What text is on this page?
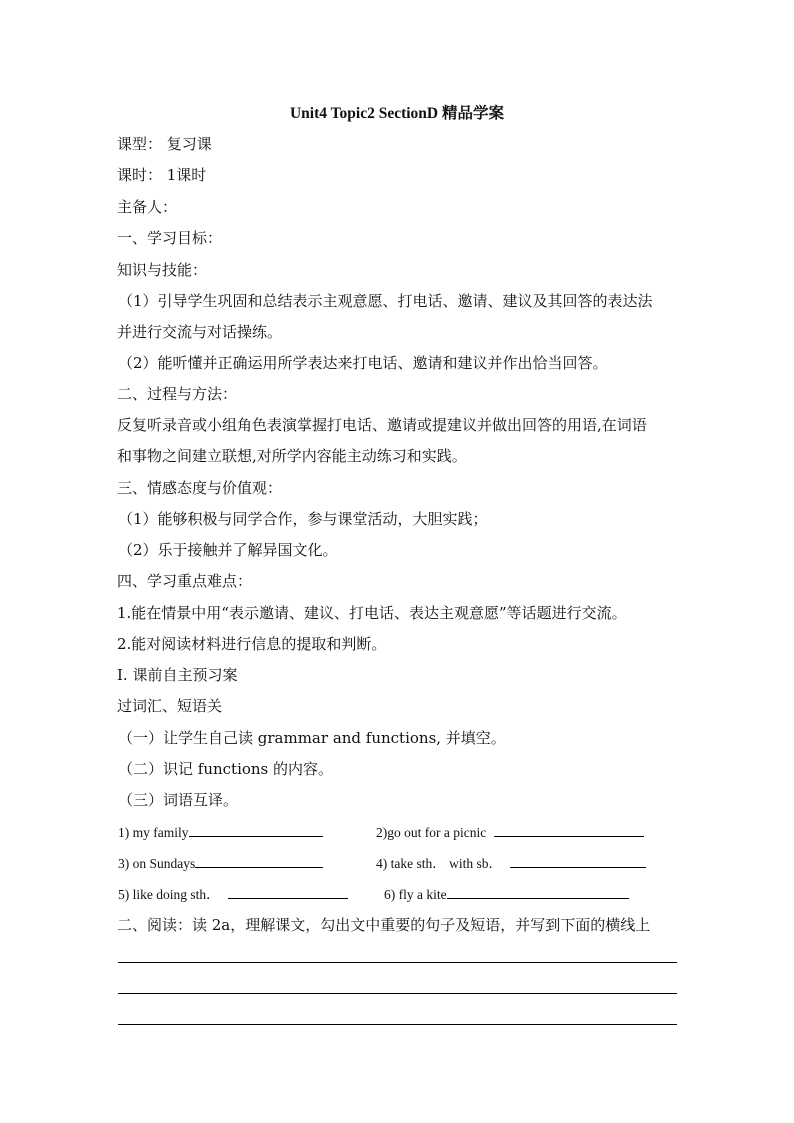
Unit4 Topic2 SectionD 精品学案
课型： 复习课
课时： 1课时
主备人：
一、学习目标：
知识与技能：
（1）引导学生巩固和总结表示主观意愿、打电话、邀请、建议及其回答的表达法
并进行交流与对话操练。
（2）能听懂并正确运用所学表达来打电话、邀请和建议并作出恰当回答。
二、过程与方法：
反复听录音或小组角色表演掌握打电话、邀请或提建议并做出回答的用语,在词语
和事物之间建立联想,对所学内容能主动练习和实践。
三、情感态度与价值观：
（1）能够积极与同学合作，参与课堂活动，大胆实践；
（2）乐于接触并了解异国文化。
四、学习重点难点：
1.能在情景中用“表示邀请、建议、打电话、表达主观意愿”等话题进行交流。
2.能对阅读材料进行信息的提取和判断。
I. 课前自主预习案
过词汇、短语关
（一）让学生自己读 grammar and functions, 并填空。
（二）识记 functions 的内容。
（三）词语互译。
1) my family	2)go out for a picnic
3) on Sundays	4) take sth． with sb．
5) like doing sth．	6) fly a kite
二、阅读：读 2a，理解课文，勾出文中重要的句子及短语，并写到下面的横线上
